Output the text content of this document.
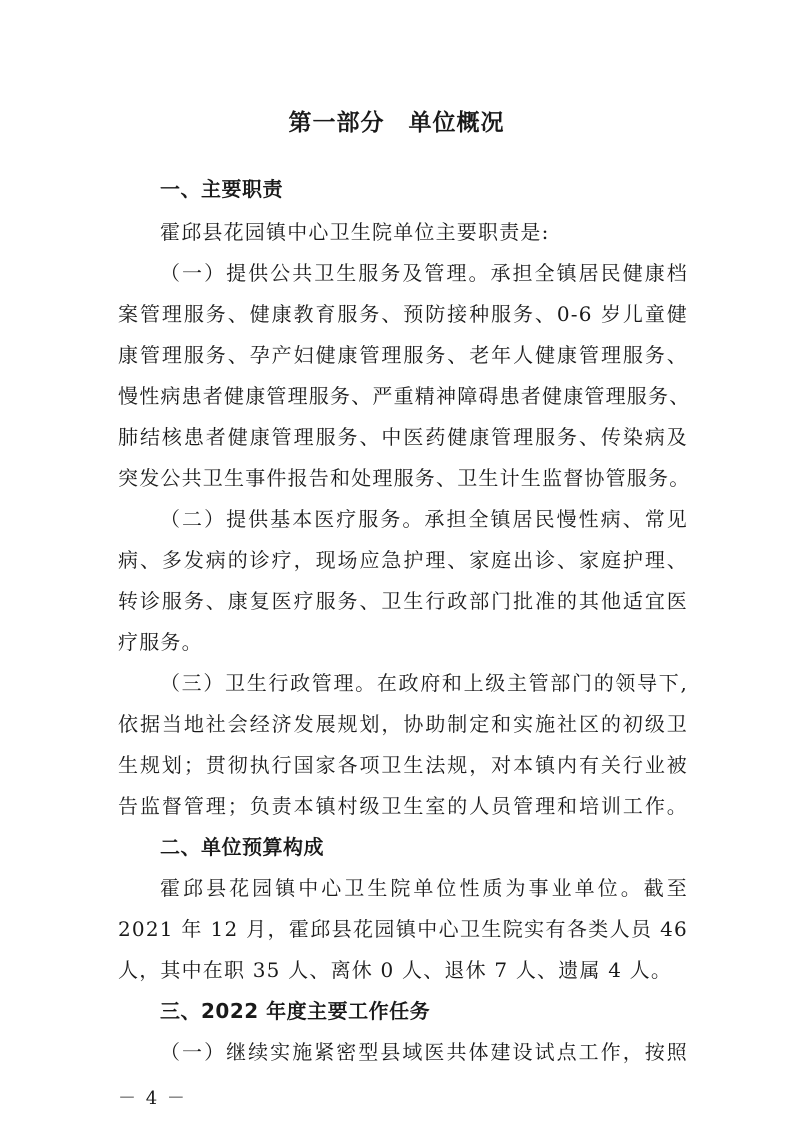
第一部分　单位概况
一、主要职责
霍邱县花园镇中心卫生院单位主要职责是:
（一）提供公共卫生服务及管理。承担全镇居民健康档
案管理服务、健康教育服务、预防接种服务、0-6 岁儿童健
康管理服务、孕产妇健康管理服务、老年人健康管理服务、
慢性病患者健康管理服务、严重精神障碍患者健康管理服务、
肺结核患者健康管理服务、中医药健康管理服务、传染病及
突发公共卫生事件报告和处理服务、卫生计生监督协管服务。
（二）提供基本医疗服务。承担全镇居民慢性病、常见
病、多发病的诊疗，现场应急护理、家庭出诊、家庭护理、
转诊服务、康复医疗服务、卫生行政部门批准的其他适宜医
疗服务。
（三）卫生行政管理。在政府和上级主管部门的领导下,
依据当地社会经济发展规划，协助制定和实施社区的初级卫
生规划；贯彻执行国家各项卫生法规，对本镇内有关行业被
告监督管理；负责本镇村级卫生室的人员管理和培训工作。
二、单位预算构成
霍邱县花园镇中心卫生院单位性质为事业单位。截至
2021 年 12 月，霍邱县花园镇中心卫生院实有各类人员 46
人，其中在职 35 人、离休 0 人、退休 7 人、遗属 4 人。
三、2022 年度主要工作任务
（一）继续实施紧密型县域医共体建设试点工作，按照
－ 4 －
